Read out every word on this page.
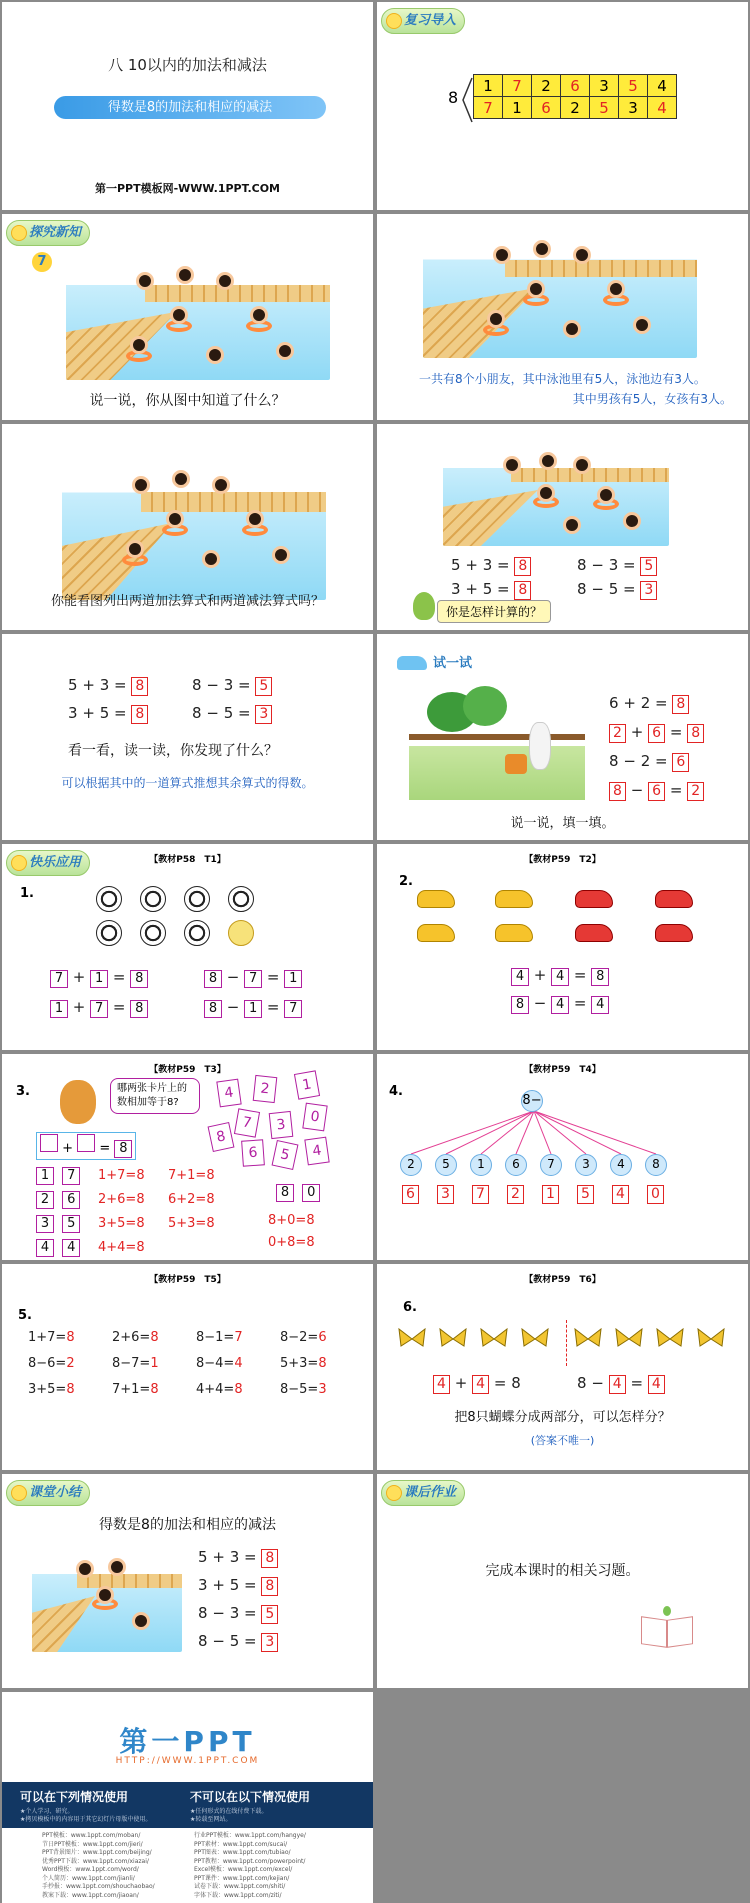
八 10以内的加法和减法
得数是8的加法和相应的减法
第一PPT模板网-WWW.1PPT.COM
复习导入
8
1	7	2	6	3	5	4
7	1	6	2	5	3	4
探究新知
7
说一说，你从图中知道了什么？
一共有8个小朋友，其中泳池里有5人，泳池边有3人。
其中男孩有5人，女孩有3人。
你能看图列出两道加法算式和两道减法算式吗？
5 + 3 = 8	8 − 3 = 5
3 + 5 = 8	8 − 5 = 3
你是怎样计算的？
5 + 3 = 8	8 − 3 = 5
3 + 5 = 8	8 − 5 = 3
看一看，读一读，你发现了什么？
可以根据其中的一道算式推想其余算式的得数。
试一试
6 + 2 = 8
2 + 6 = 8
8 − 2 = 6
8 − 6 = 2
说一说，填一填。
快乐应用	【教材P58　T1】
1.
7 + 1 = 8	8 − 7 = 1
1 + 7 = 8	8 − 1 = 7
【教材P59　T2】
2.
4 + 4 = 8
8 − 4 = 4
【教材P59　T3】
3.	哪两张卡片上的数相加等于8?
4	2	1
7	3	0
8
6	5	4
+ = 8
1 7
2 6
3 5
4 4
1+7=8
2+6=8
3+5=8
4+4=8
7+1=8
6+2=8
5+3=8
8 0
8+0=8
0+8=8
【教材P59　T4】
4.
8−
2	5	1	6	7	3	4	8
6 3 7 2 1 5 4 0
【教材P59　T5】
5.
1+7=8	2+6=8	8−1=7	8−2=6
8−6=2	8−7=1	8−4=4	5+3=8
3+5=8	7+1=8	4+4=8	8−5=3
【教材P59　T6】
6.
4 + 4 = 8	8 − 4 = 4
把8只蝴蝶分成两部分，可以怎样分？
(答案不唯一)
课堂小结
得数是8的加法和相应的减法
5 + 3 = 8
3 + 5 = 8
8 − 3 = 5
8 − 5 = 3
课后作业
完成本课时的相关习题。
第一PPT
HTTP://WWW.1PPT.COM
可以在下列情况使用
★个人学习、研究。
★拷贝模板中的内容用于其它幻灯片母版中使用。
不可以在以下情况使用
★任何形式的在线付费下载。
★转载至网站。
PPT模板：www.1ppt.com/moban/
节日PPT模板：www.1ppt.com/jieri/
PPT背景图片：www.1ppt.com/beijing/
优秀PPT下载：www.1ppt.com/xiazai/
Word模板：www.1ppt.com/word/
个人简历：www.1ppt.com/jianli/
手抄报：www.1ppt.com/shouchaobao/
教案下载：www.1ppt.com/jiaoan/
行业PPT模板：www.1ppt.com/hangye/
PPT素材：www.1ppt.com/sucai/
PPT图表：www.1ppt.com/tubiao/
PPT教程：www.1ppt.com/powerpoint/
Excel模板：www.1ppt.com/excel/
PPT课件：www.1ppt.com/kejian/
试卷下载：www.1ppt.com/shiti/
字体下载：www.1ppt.com/ziti/
